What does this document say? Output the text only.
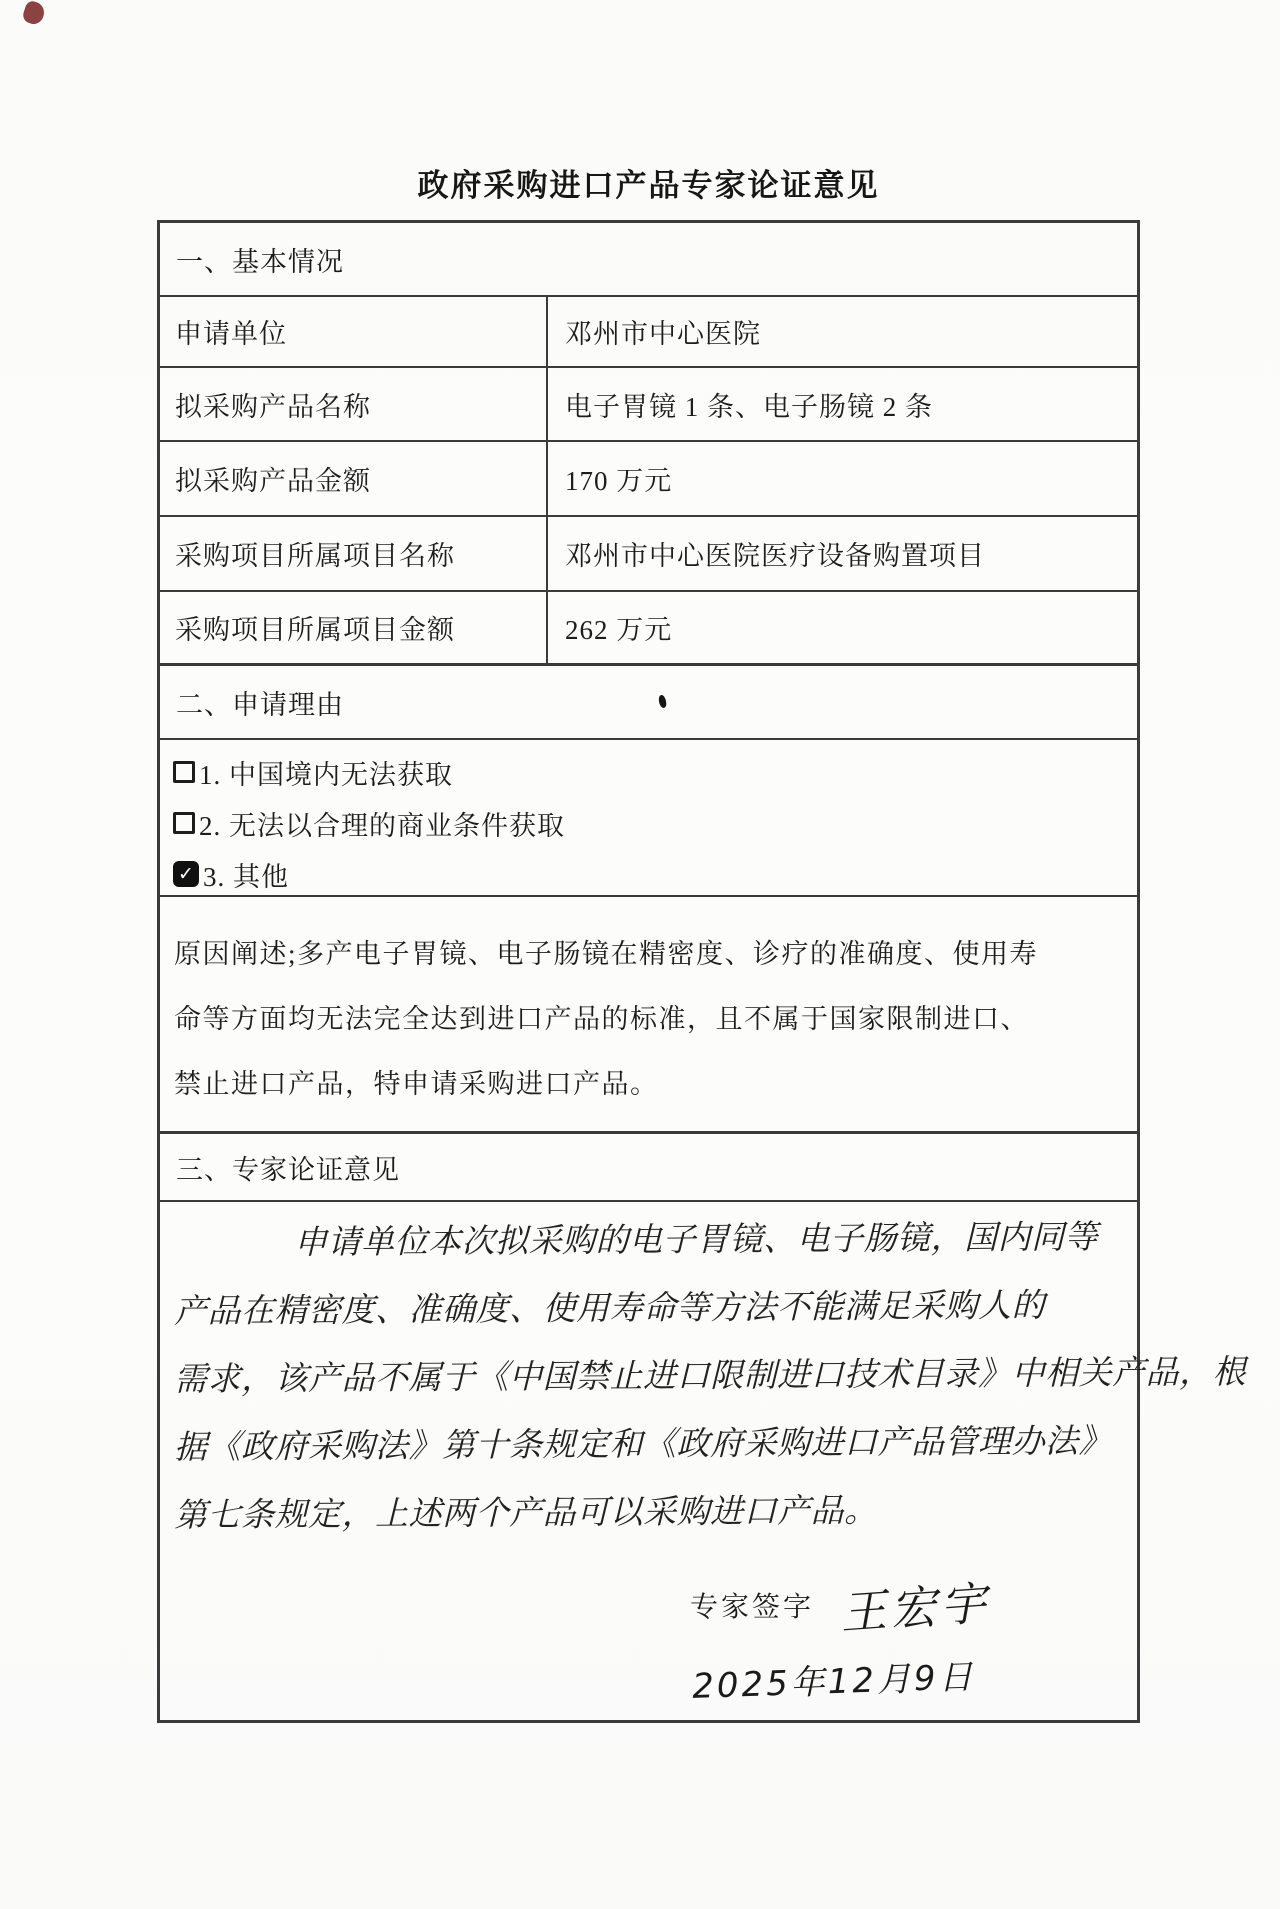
政府采购进口产品专家论证意见
一、基本情况
申请单位	邓州市中心医院
拟采购产品名称	电子胃镜 1 条、电子肠镜 2 条
拟采购产品金额	170 万元
采购项目所属项目名称	邓州市中心医院医疗设备购置项目
采购项目所属项目金额	262 万元
二、申请理由
1. 中国境内无法获取
2. 无法以合理的商业条件获取
✓
3. 其他
原因阐述;多产电子胃镜、电子肠镜在精密度、诊疗的准确度、使用寿
命等方面均无法完全达到进口产品的标准，且不属于国家限制进口、
禁止进口产品，特申请采购进口产品。
三、专家论证意见
申请单位本次拟采购的电子胃镜、电子肠镜，国内同等
产品在精密度、准确度、使用寿命等方法不能满足采购人的
需求，该产品不属于《中国禁止进口限制进口技术目录》中相关产品，根
据《政府采购法》第十条规定和《政府采购进口产品管理办法》
第七条规定，上述两个产品可以采购进口产品。
专家签字 王宏宇
2025年12月9日
